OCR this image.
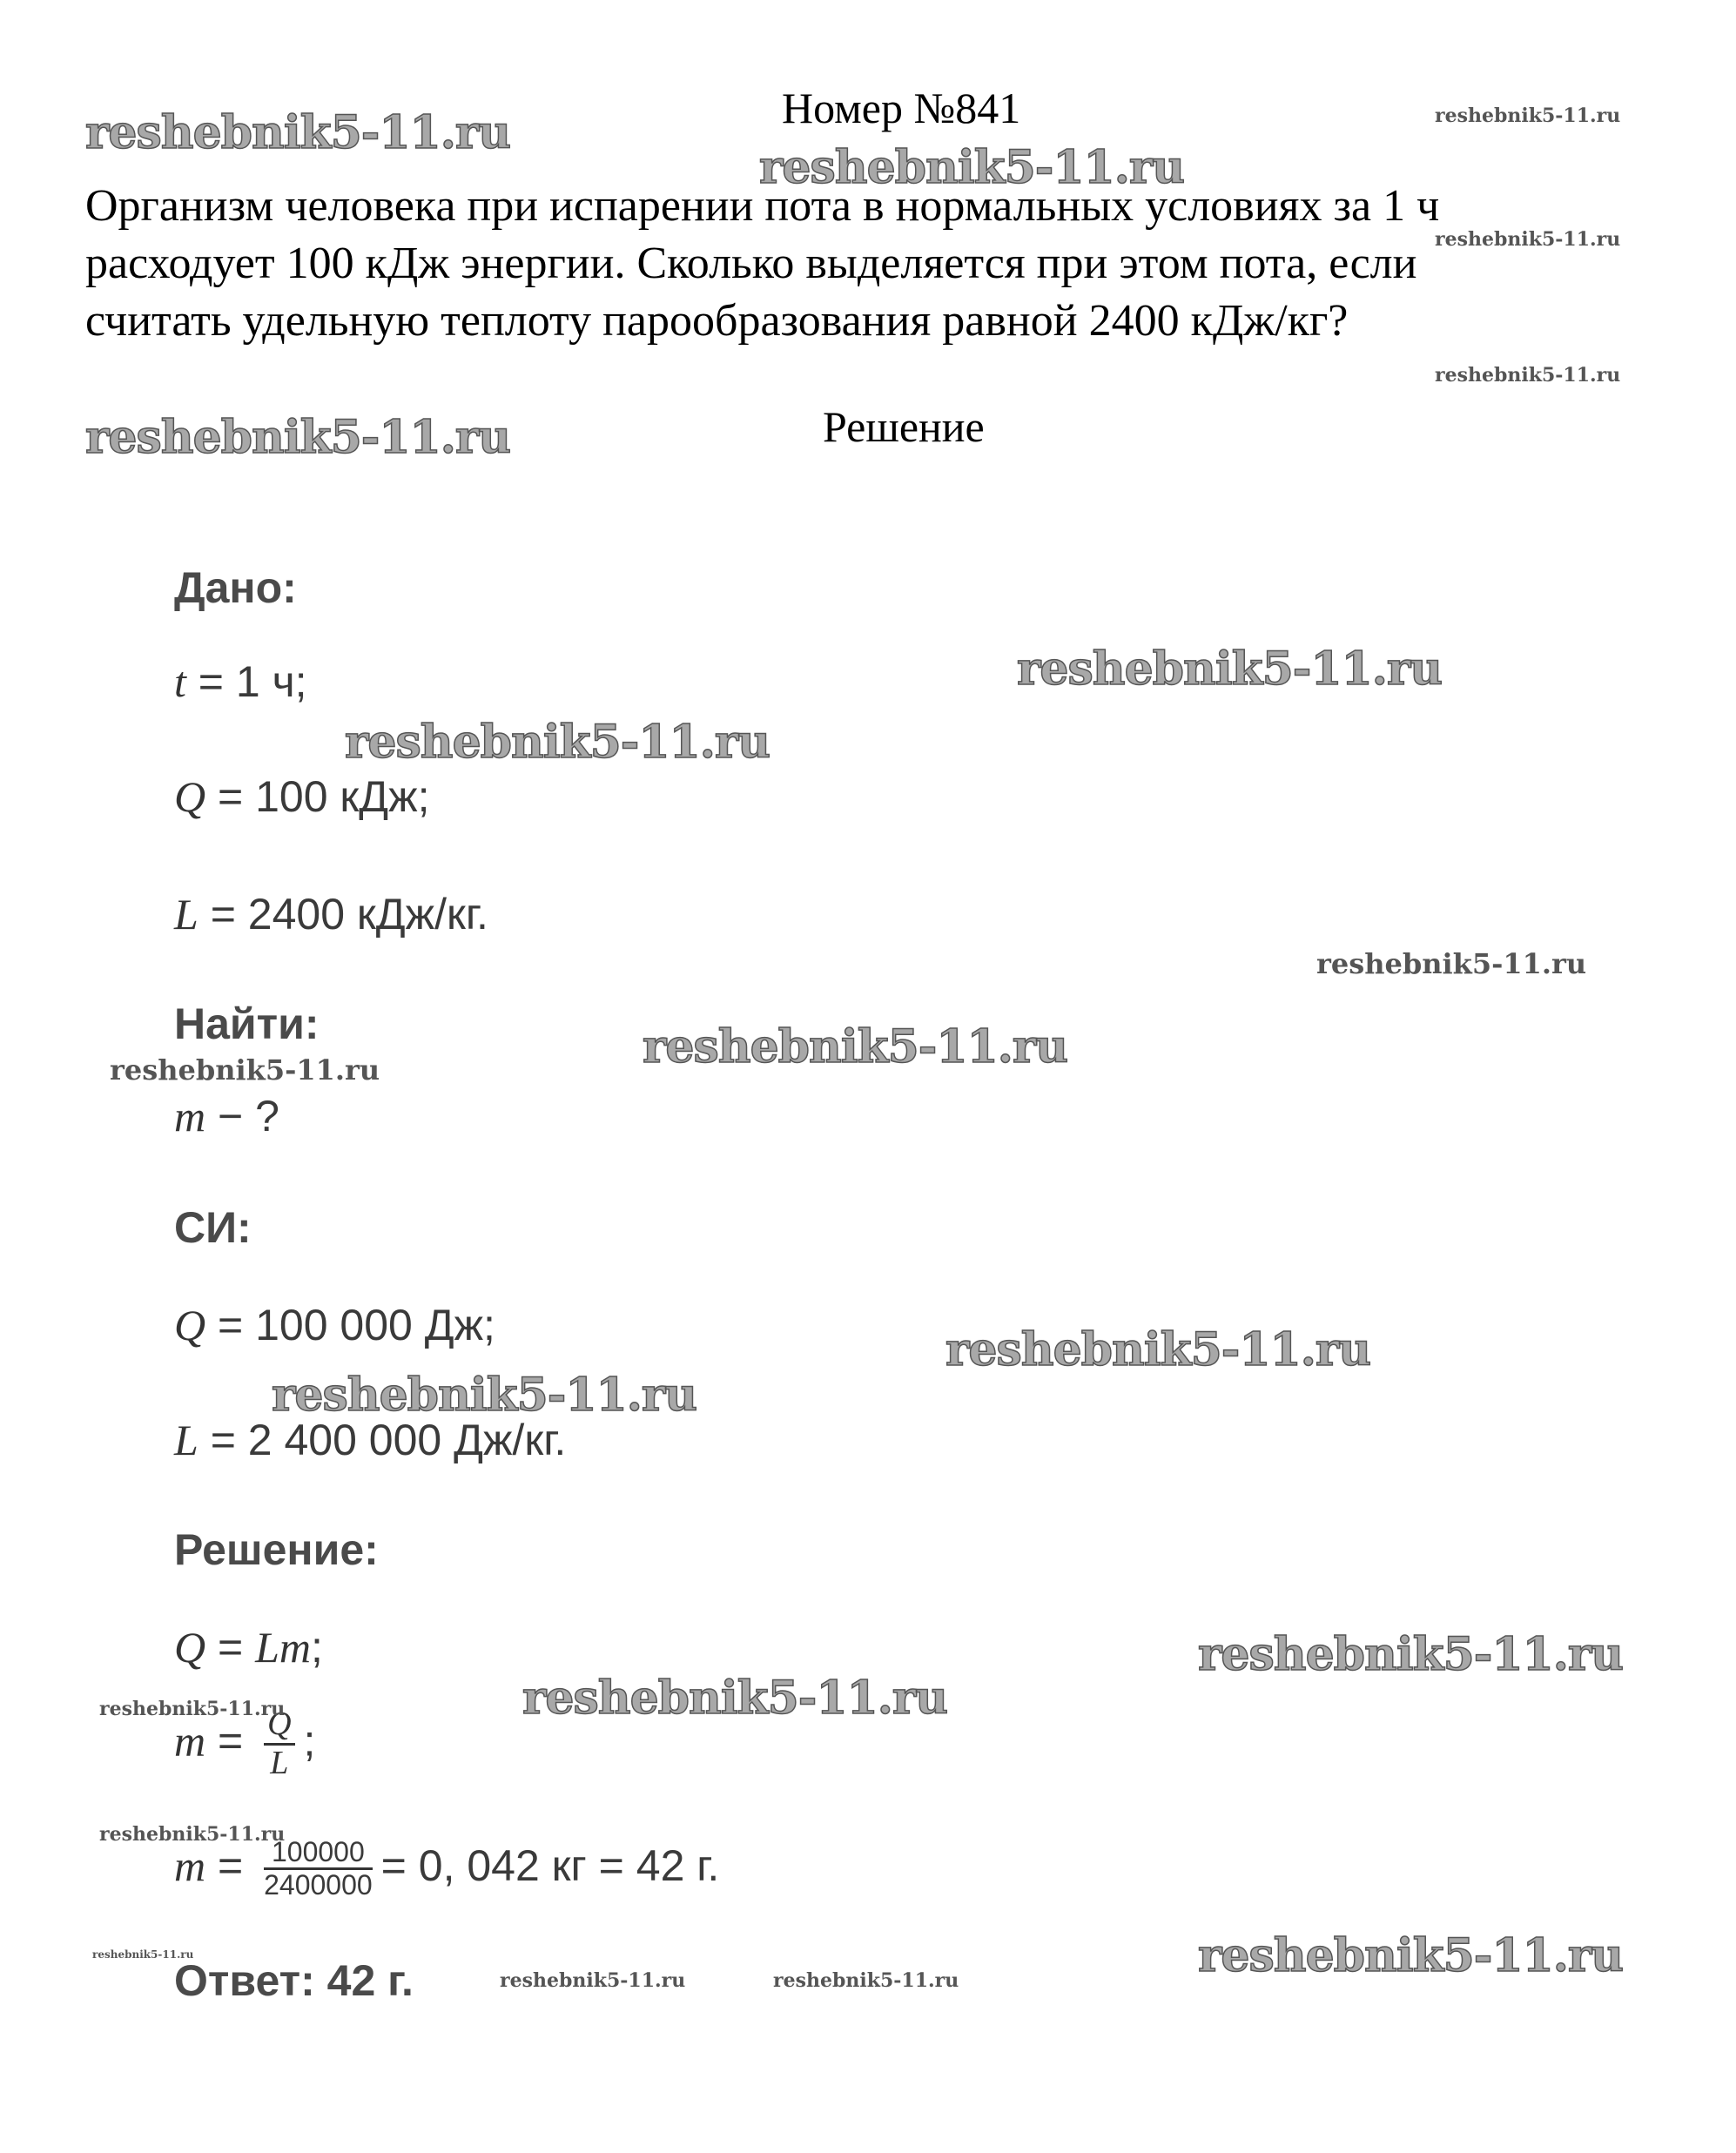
Номер №841
Организм человека при испарении пота в нормальных условиях за 1 ч
расходует 100 кДж энергии. Сколько выделяется при этом пота, если
считать удельную теплоту парообразования равной 2400 кДж/кг?
Решение
Дано:
t = 1 ч;
Q = 100 кДж;
L = 2400 кДж/кг.
Найти:
m − ?
СИ:
Q = 100 000 Дж;
L = 2 400 000 Дж/кг.
Решение:
Q = Lm;
$m = \frac{Q}{L}$ ;
$m = \frac{100000}{2400000} = 0$, 042 кг = 42 г.
Ответ: 42 г.
reshebnik5-11.ru
reshebnik5-11.ru
reshebnik5-11.ru
reshebnik5-11.ru
reshebnik5-11.ru
reshebnik5-11.ru
reshebnik5-11.ru
reshebnik5-11.ru
reshebnik5-11.ru
reshebnik5-11.ru
reshebnik5-11.ru
reshebnik5-11.ru
reshebnik5-11.ru
reshebnik5-11.ru
reshebnik5-11.ru
reshebnik5-11.ru
reshebnik5-11.ru
reshebnik5-11.ru	reshebnik5-11.ru
reshebnik5-11.ru	reshebnik5-11.ru
